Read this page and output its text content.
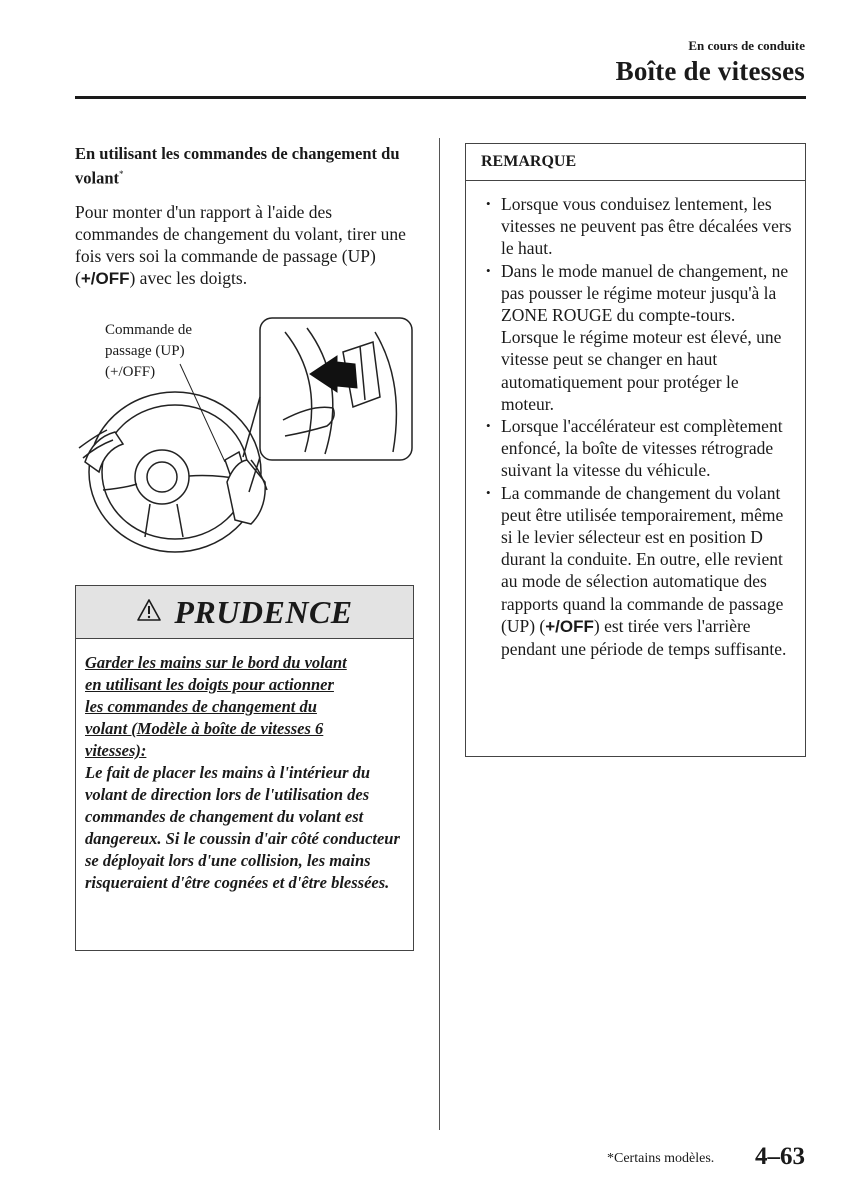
En cours de conduite
Boîte de vitesses
En utilisant les commandes de changement du volant*
Pour monter d'un rapport à l'aide des commandes de changement du volant, tirer une fois vers soi la commande de passage (UP) (+/OFF) avec les doigts.
Commande de
passage (UP)
(+/OFF)
PRUDENCE
Garder les mains sur le bord du volant
en utilisant les doigts pour actionner
les commandes de changement du
volant (Modèle à boîte de vitesses 6
vitesses):
Le fait de placer les mains à l'intérieur du volant de direction lors de l'utilisation des commandes de changement du volant est dangereux. Si le coussin d'air côté conducteur se déployait lors d'une collision, les mains risqueraient d'être cognées et d'être blessées.
REMARQUE
• Lorsque vous conduisez lentement, les vitesses ne peuvent pas être décalées vers le haut.
• Dans le mode manuel de changement, ne pas pousser le régime moteur jusqu'à la ZONE ROUGE du compte-tours. Lorsque le régime moteur est élevé, une vitesse peut se changer en haut automatiquement pour protéger le moteur.
• Lorsque l'accélérateur est complètement enfoncé, la boîte de vitesses rétrograde suivant la vitesse du véhicule.
• La commande de changement du volant peut être utilisée temporairement, même si le levier sélecteur est en position D durant la conduite. En outre, elle revient au mode de sélection automatique des rapports quand la commande de passage (UP) (+/OFF) est tirée vers l'arrière pendant une période de temps suffisante.
*Certains modèles. 4–63
